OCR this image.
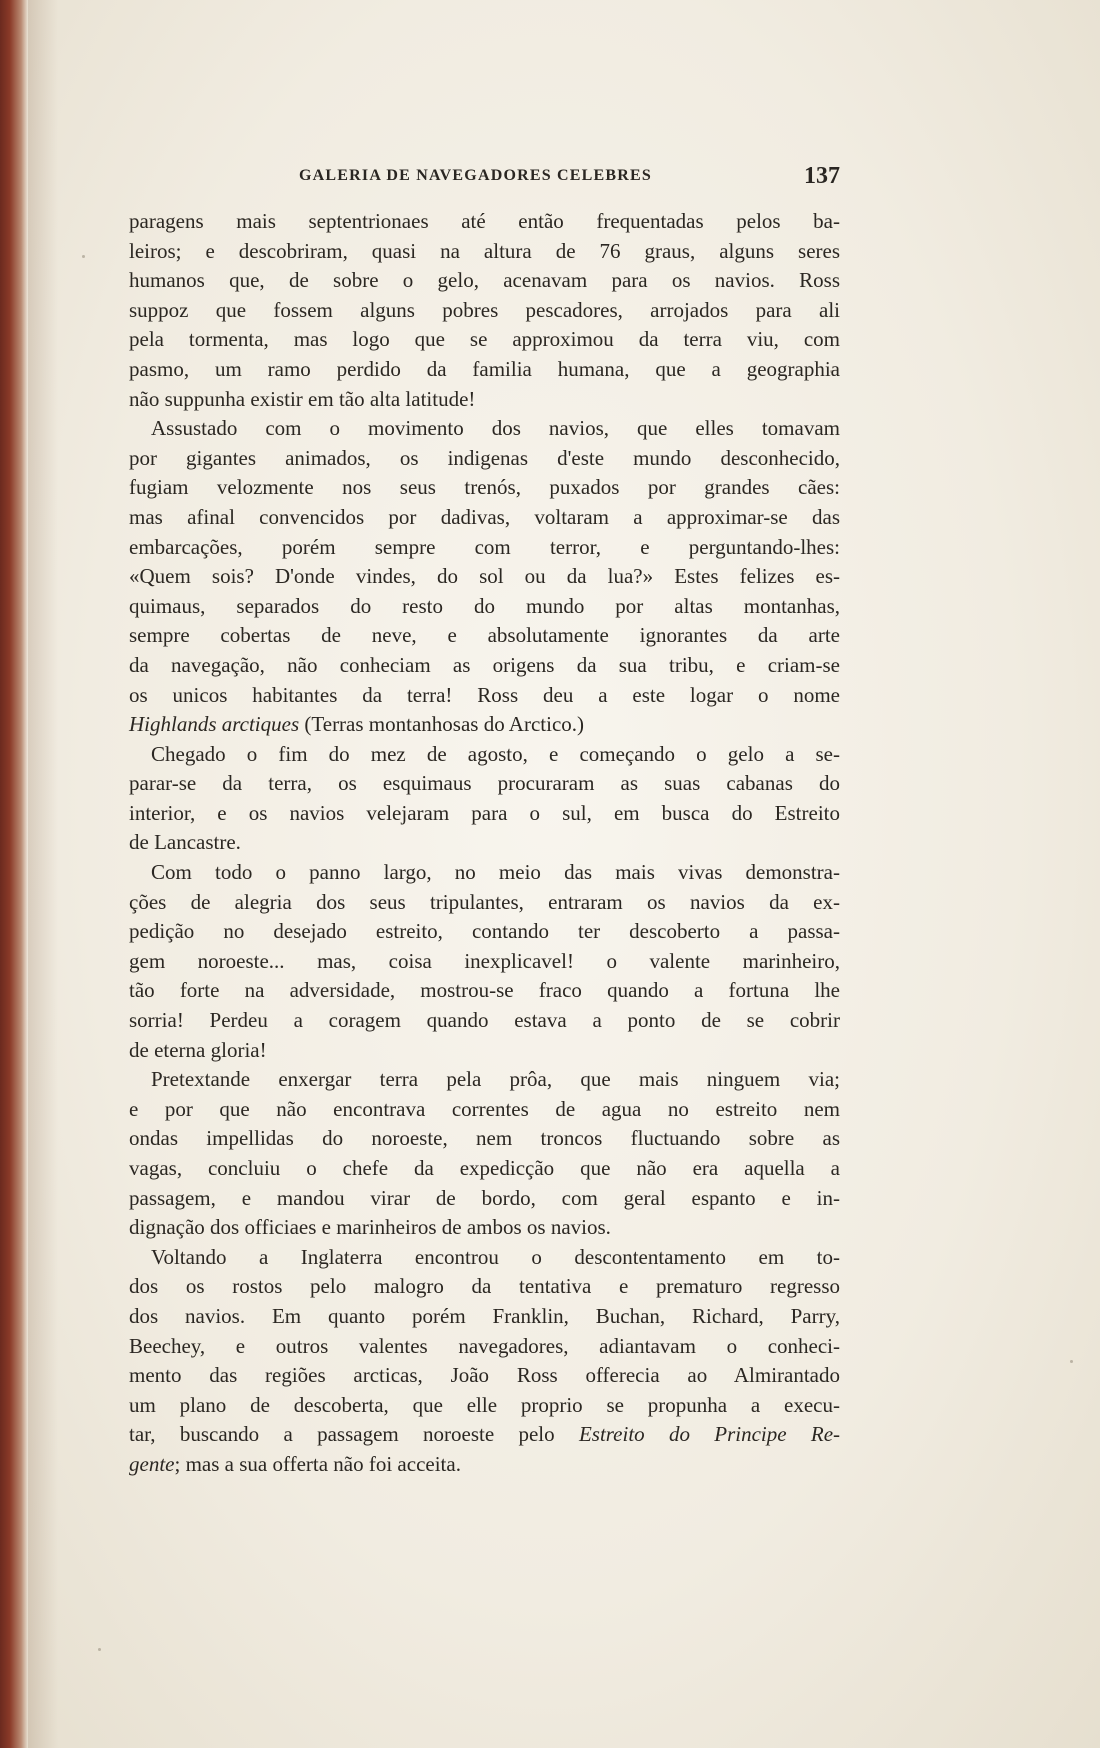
GALERIA DE NAVEGADORES CELEBRES	137
paragens mais septentrionaes até então frequentadas pelos ba-
leiros; e descobriram, quasi na altura de 76 graus, alguns seres
humanos que, de sobre o gelo, acenavam para os navios. Ross
suppoz que fossem alguns pobres pescadores, arrojados para ali
pela tormenta, mas logo que se approximou da terra viu, com
pasmo, um ramo perdido da familia humana, que a geographia
não suppunha existir em tão alta latitude!
Assustado com o movimento dos navios, que elles tomavam
por gigantes animados, os indigenas d'este mundo desconhecido,
fugiam velozmente nos seus trenós, puxados por grandes cães:
mas afinal convencidos por dadivas, voltaram a approximar-se das
embarcações, porém sempre com terror, e perguntando-lhes:
«Quem sois? D'onde vindes, do sol ou da lua?» Estes felizes es-
quimaus, separados do resto do mundo por altas montanhas,
sempre cobertas de neve, e absolutamente ignorantes da arte
da navegação, não conheciam as origens da sua tribu, e criam-se
os unicos habitantes da terra! Ross deu a este logar o nome
Highlands arctiques (Terras montanhosas do Arctico.)
Chegado o fim do mez de agosto, e começando o gelo a se-
parar-se da terra, os esquimaus procuraram as suas cabanas do
interior, e os navios velejaram para o sul, em busca do Estreito
de Lancastre.
Com todo o panno largo, no meio das mais vivas demonstra-
ções de alegria dos seus tripulantes, entraram os navios da ex-
pedição no desejado estreito, contando ter descoberto a passa-
gem noroeste... mas, coisa inexplicavel! o valente marinheiro,
tão forte na adversidade, mostrou-se fraco quando a fortuna lhe
sorria! Perdeu a coragem quando estava a ponto de se cobrir
de eterna gloria!
Pretextande enxergar terra pela prôa, que mais ninguem via;
e por que não encontrava correntes de agua no estreito nem
ondas impellidas do noroeste, nem troncos fluctuando sobre as
vagas, concluiu o chefe da expedicção que não era aquella a
passagem, e mandou virar de bordo, com geral espanto e in-
dignação dos officiaes e marinheiros de ambos os navios.
Voltando a Inglaterra encontrou o descontentamento em to-
dos os rostos pelo malogro da tentativa e prematuro regresso
dos navios. Em quanto porém Franklin, Buchan, Richard, Parry,
Beechey, e outros valentes navegadores, adiantavam o conheci-
mento das regiões arcticas, João Ross offerecia ao Almirantado
um plano de descoberta, que elle proprio se propunha a execu-
tar, buscando a passagem noroeste pelo Estreito do Principe Re-
gente; mas a sua offerta não foi acceita.
